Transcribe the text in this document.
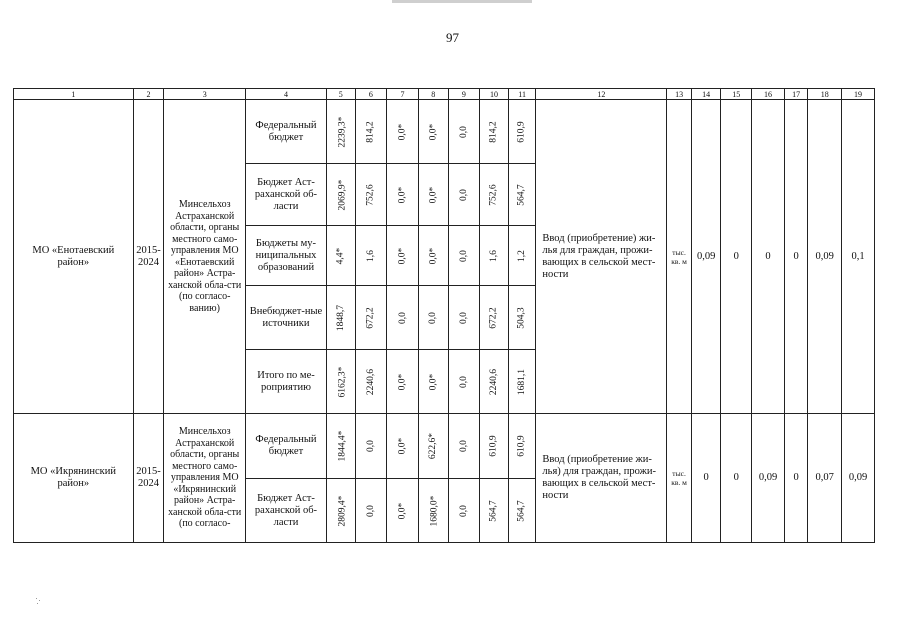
97
1	2	3	4	5	6	7	8	9	10	11	12	13	14	15	16	17	18	19

МО «Енотаевский район»	2015-2024	Минсельхоз Астраханской области, органы местного само-управления МО «Енотаевский район» Астра-ханской обла-сти (по согласо-ванию)	Федеральный бюджет	2239,3*	814,2	0,0*	0,0*	0,0	814,2	610,9	Ввод (приобретение) жи-лья для граждан, прожи-вающих в сельской мест-ности	тыс. кв. м	0,09	0	0	0	0,09	0,1

			Бюджет Аст-раханской об-ласти	2069,9*	752,6	0,0*	0,0*	0,0	752,6	564,7								

			Бюджеты му-ниципальных образований	4,4*	1,6	0,0*	0,0*	0,0	1,6	1,2								

			Внебюджет-ные источники	1848,7	672,2	0,0	0,0	0,0	672,2	504,3								

			Итого по ме-роприятию	6162,3*	2240,6	0,0*	0,0*	0,0	2240,6	1681,1								

МО «Икрянинский район»	2015-2024	Минсельхоз Астраханской области, органы местного само-управления МО «Икрянинский район» Астра-ханской обла-сти (по согласо-	Федеральный бюджет	1844,4*	0,0	0,0*	622,6*	0,0	610,9	610,9	Ввод (приобретение жи-лья) для граждан, прожи-вающих в сельской мест-ности	тыс. кв. м	0	0	0,09	0	0,07	0,09

			Бюджет Аст-раханской об-ласти	2809,4*	0,0	0,0*	1680,0*	0,0	564,7	564,7								
